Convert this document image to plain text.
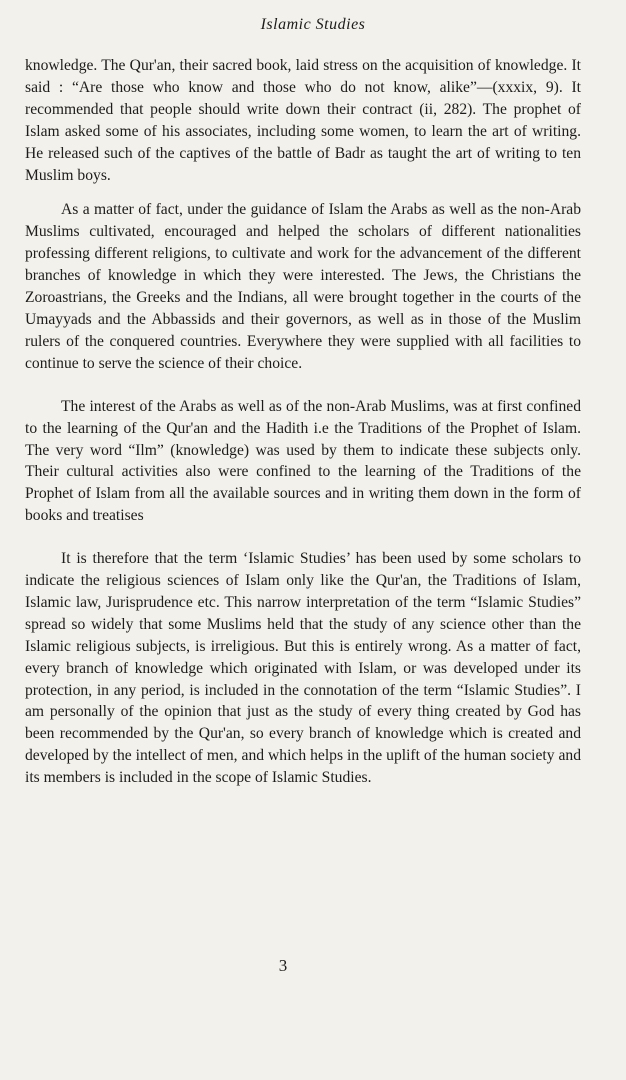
Islamic Studies

knowledge. The Qur'an, their sacred book, laid stress on the acquisition of knowledge. It said : “Are those who know and those who do not know, alike”—(xxxix, 9). It recommended that people should write down their contract (ii, 282). The prophet of Islam asked some of his associates, including some women, to learn the art of writing. He released such of the captives of the battle of Badr as taught the art of writing to ten Muslim boys.

As a matter of fact, under the guidance of Islam the Arabs as well as the non-Arab Muslims cultivated, encouraged and helped the scholars of different nationalities professing different religions, to cultivate and work for the advancement of the different branches of knowledge in which they were interested. The Jews, the Christians the Zoroastrians, the Greeks and the Indians, all were brought together in the courts of the Umayyads and the Abbassids and their governors, as well as in those of the Muslim rulers of the conquered countries. Everywhere they were supplied with all facilities to continue to serve the science of their choice.

The interest of the Arabs as well as of the non-Arab Muslims, was at first confined to the learning of the Qur'an and the Hadith i.e the Traditions of the Prophet of Islam. The very word “Ilm” (knowledge) was used by them to indicate these subjects only. Their cultural activities also were confined to the learning of the Traditions of the Prophet of Islam from all the available sources and in writing them down in the form of books and treatises

It is therefore that the term ‘Islamic Studies’ has been used by some scholars to indicate the religious sciences of Islam only like the Qur'an, the Traditions of Islam, Islamic law, Jurisprudence etc. This narrow interpretation of the term “Islamic Studies” spread so widely that some Muslims held that the study of any science other than the Islamic religious subjects, is irreligious. But this is entirely wrong. As a matter of fact, every branch of knowledge which originated with Islam, or was developed under its protection, in any period, is included in the connotation of the term “Islamic Studies”. I am personally of the opinion that just as the study of every thing created by God has been recommended by the Qur'an, so every branch of knowledge which is created and developed by the intellect of men, and which helps in the uplift of the human society and its members is included in the scope of Islamic Studies.

3
